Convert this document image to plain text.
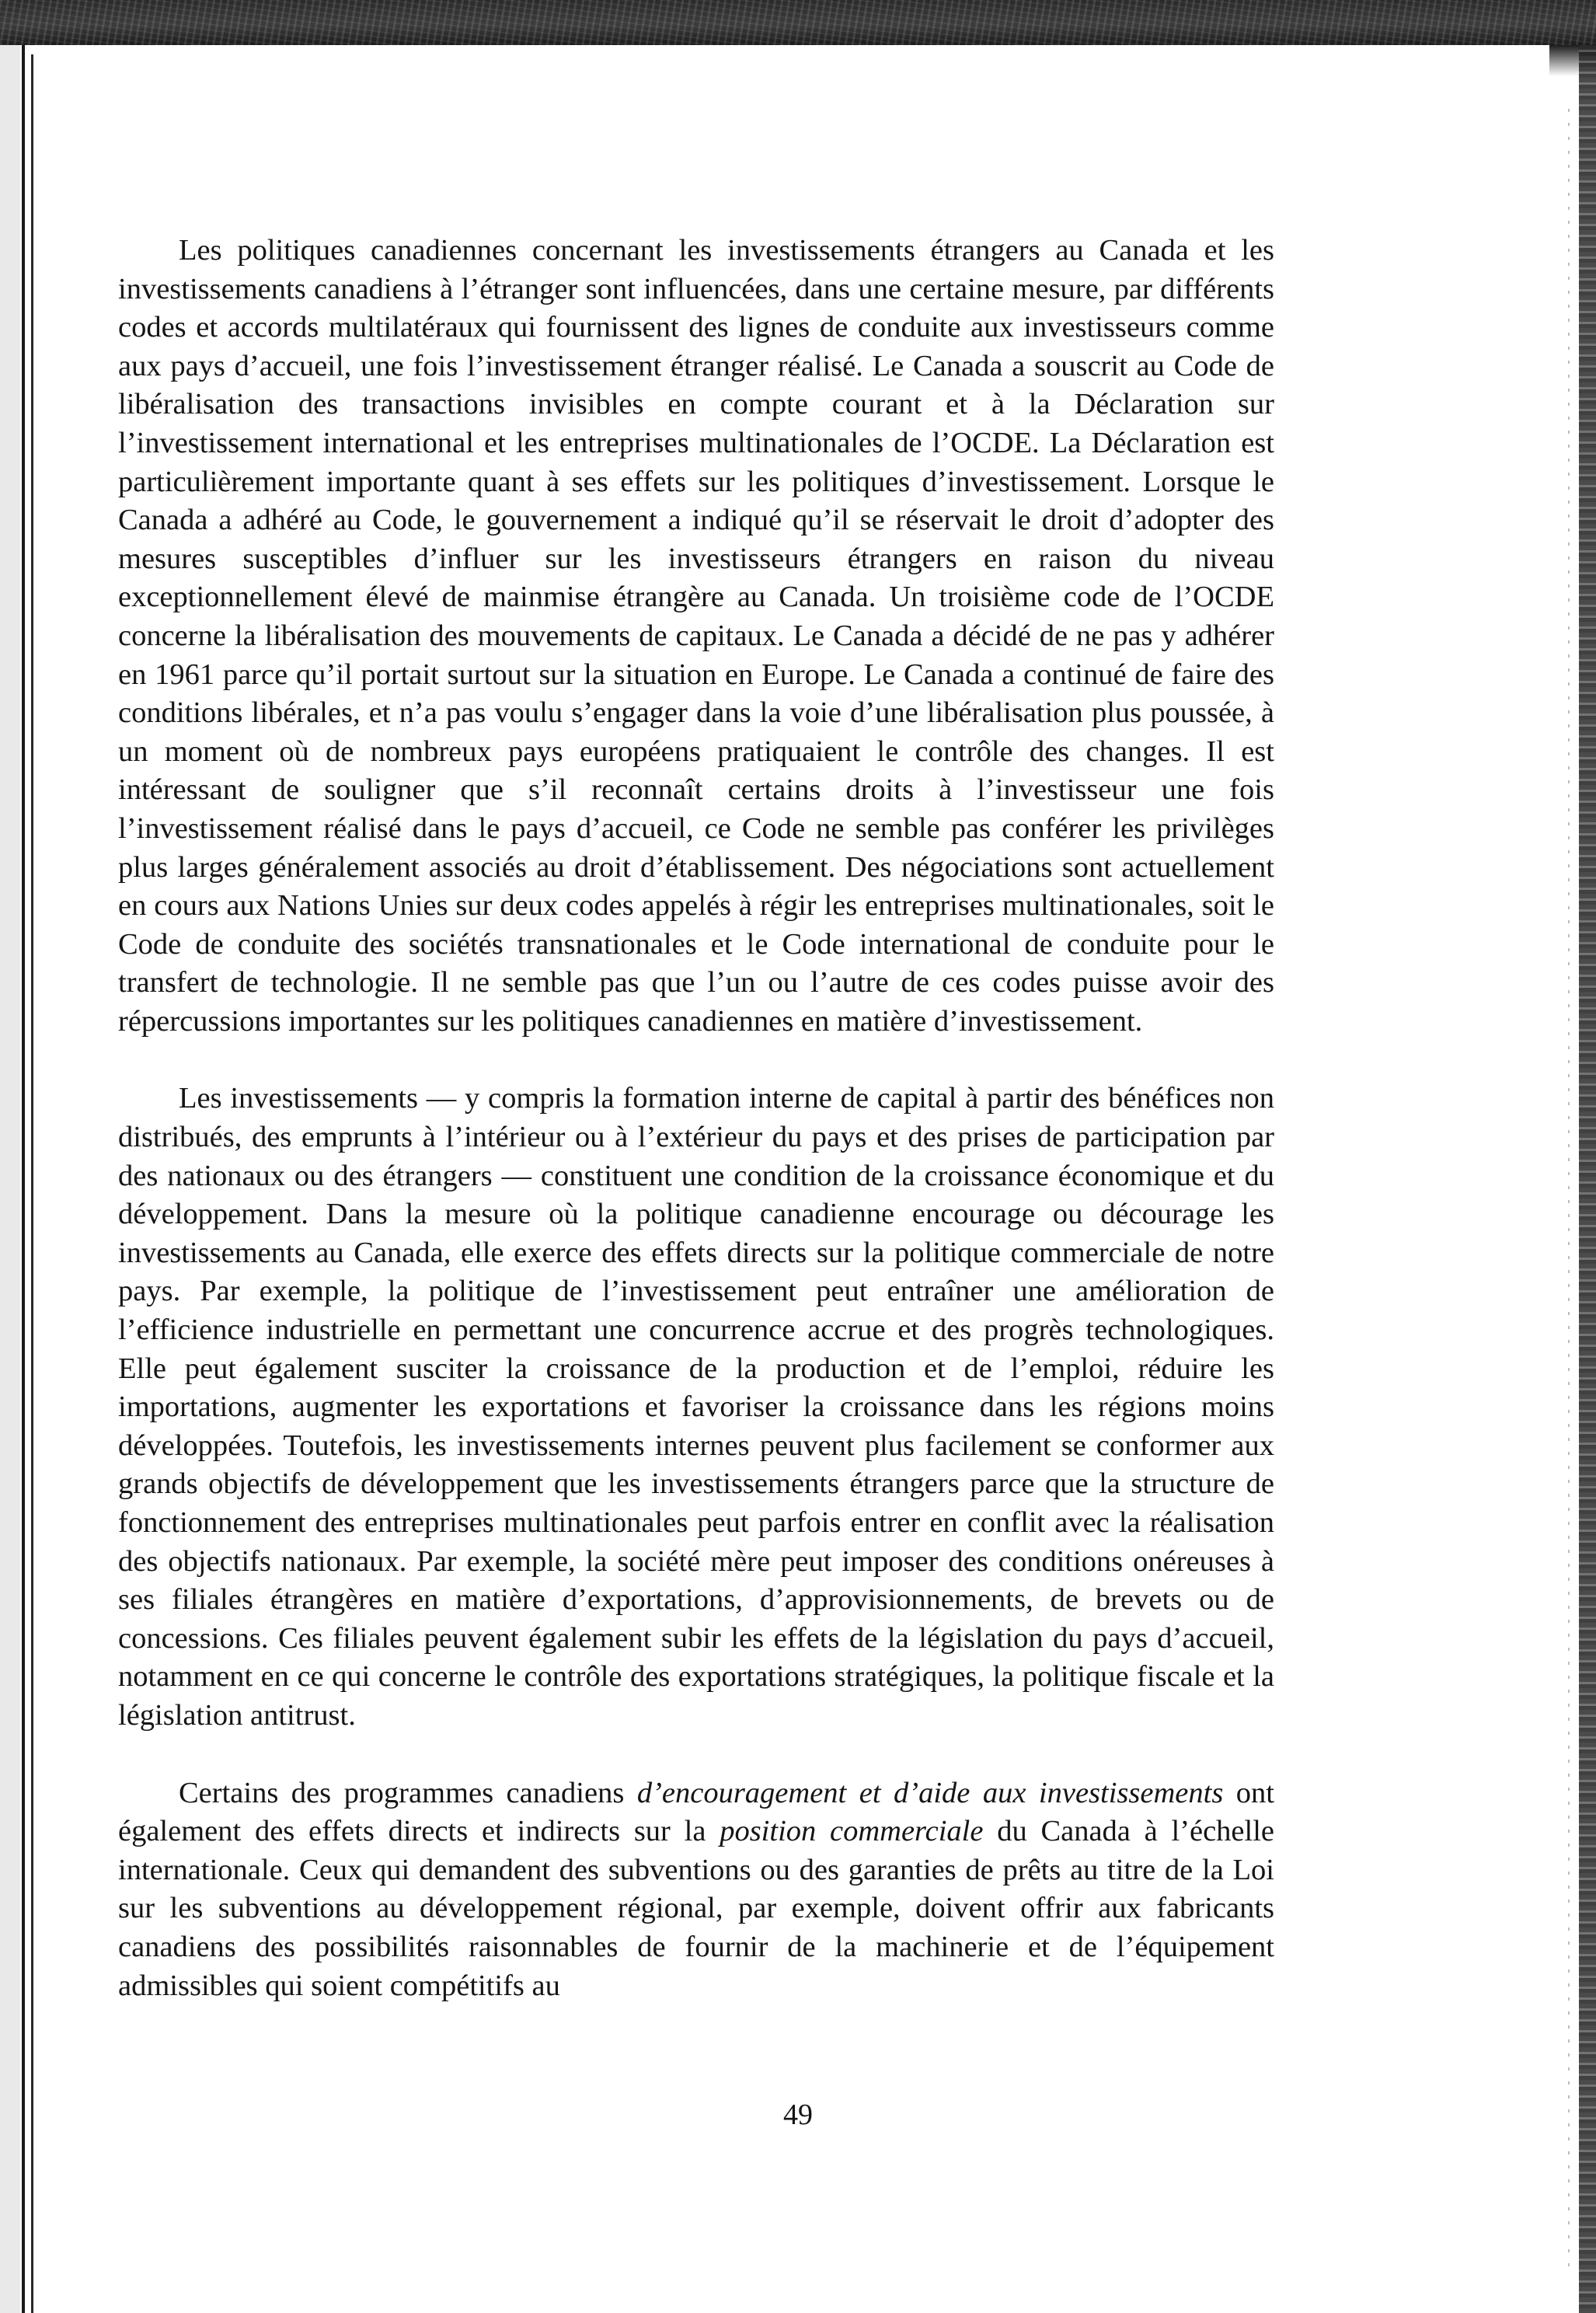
Les politiques canadiennes concernant les investissements étrangers au Canada et les investissements canadiens à l’étranger sont influencées, dans une certaine mesure, par différents codes et accords multilatéraux qui fournissent des lignes de conduite aux investisseurs comme aux pays d’accueil, une fois l’investissement étranger réalisé. Le Canada a souscrit au Code de libéralisation des transactions invisibles en compte courant et à la Déclaration sur l’investissement international et les entreprises multinationales de l’OCDE. La Déclaration est particulièrement importante quant à ses effets sur les politiques d’investissement. Lorsque le Canada a adhéré au Code, le gouvernement a indiqué qu’il se réservait le droit d’adopter des mesures susceptibles d’influer sur les investisseurs étrangers en raison du niveau exceptionnellement élevé de mainmise étrangère au Canada. Un troisième code de l’OCDE concerne la libéralisation des mouvements de capitaux. Le Canada a décidé de ne pas y adhérer en 1961 parce qu’il portait surtout sur la situation en Europe. Le Canada a continué de faire des conditions libérales, et n’a pas voulu s’engager dans la voie d’une libéralisation plus poussée, à un moment où de nombreux pays européens pratiquaient le contrôle des changes. Il est intéressant de souligner que s’il reconnaît certains droits à l’investisseur une fois l’investissement réalisé dans le pays d’accueil, ce Code ne semble pas conférer les privilèges plus larges généralement associés au droit d’établissement. Des négociations sont actuellement en cours aux Nations Unies sur deux codes appelés à régir les entreprises multinationales, soit le Code de conduite des sociétés transnationales et le Code international de conduite pour le transfert de technologie. Il ne semble pas que l’un ou l’autre de ces codes puisse avoir des répercussions importantes sur les politiques canadiennes en matière d’investissement.

Les investissements — y compris la formation interne de capital à partir des bénéfices non distribués, des emprunts à l’intérieur ou à l’extérieur du pays et des prises de participation par des nationaux ou des étrangers — constituent une condition de la croissance économique et du développement. Dans la mesure où la politique canadienne encourage ou décourage les investissements au Canada, elle exerce des effets directs sur la politique commerciale de notre pays. Par exemple, la politique de l’investissement peut entraîner une amélioration de l’efficience industrielle en permettant une concurrence accrue et des progrès technologiques. Elle peut également susciter la croissance de la production et de l’emploi, réduire les importations, augmenter les exportations et favoriser la croissance dans les régions moins développées. Toutefois, les investissements internes peuvent plus facilement se conformer aux grands objectifs de développement que les investissements étrangers parce que la structure de fonctionnement des entreprises multinationales peut parfois entrer en conflit avec la réalisation des objectifs nationaux. Par exemple, la société mère peut imposer des conditions onéreuses à ses filiales étrangères en matière d’exportations, d’approvisionnements, de brevets ou de concessions. Ces filiales peuvent également subir les effets de la législation du pays d’accueil, notamment en ce qui concerne le contrôle des exportations stratégiques, la politique fiscale et la législation antitrust.

Certains des programmes canadiens d’encouragement et d’aide aux investissements ont également des effets directs et indirects sur la position commerciale du Canada à l’échelle internationale. Ceux qui demandent des subventions ou des garanties de prêts au titre de la Loi sur les subventions au développement régional, par exemple, doivent offrir aux fabricants canadiens des possibilités raisonnables de fournir de la machinerie et de l’équipement admissibles qui soient compétitifs au

49
